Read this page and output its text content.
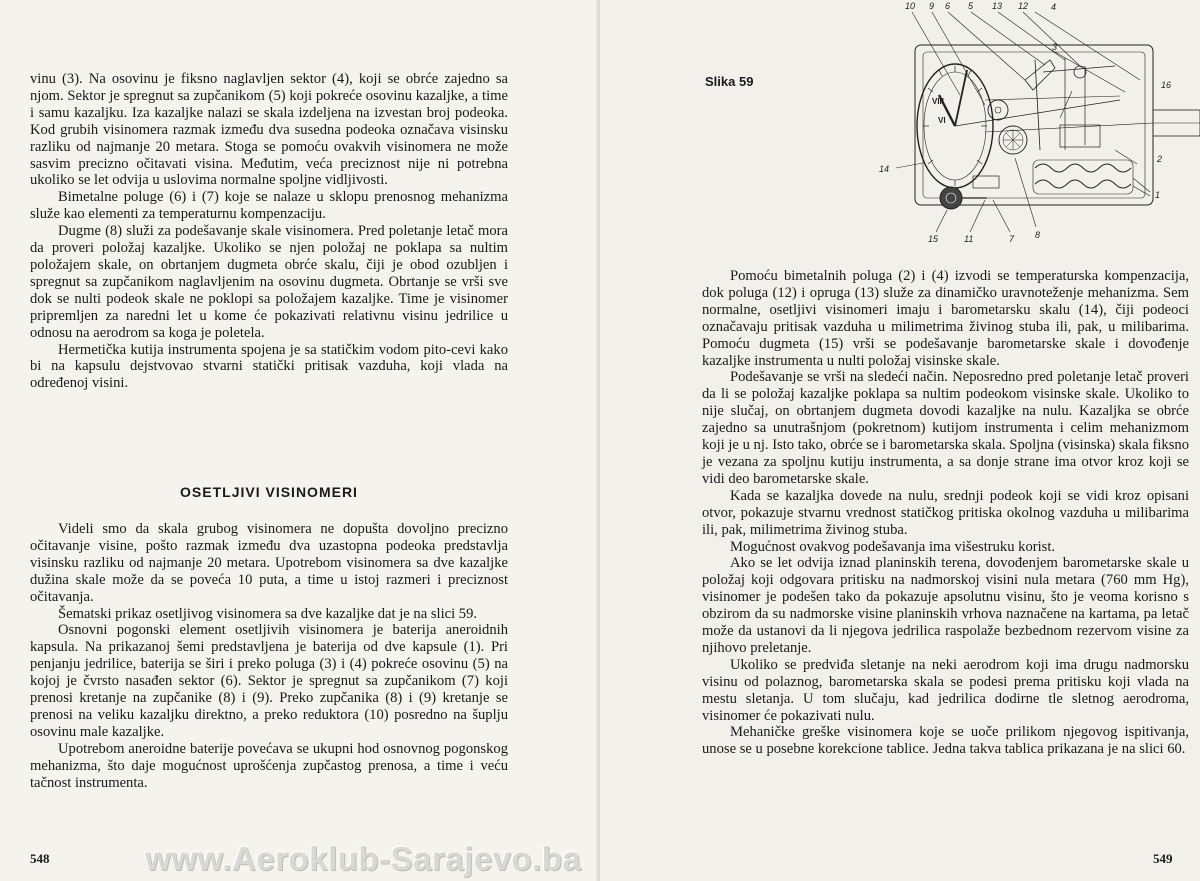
vinu (3). Na osovinu je fiksno naglavljen sektor (4), koji se obrće zajedno sa njom. Sektor je spregnut sa zupčanikom (5) koji pokreće osovinu kazaljke, a time i samu kazaljku. Iza kazaljke nalazi se skala izdeljena na izvestan broj podeoka. Kod grubih visinomera razmak između dva susedna podeoka označava visinsku razliku od najmanje 20 metara. Stoga se pomoću ovakvih visinomera ne može sasvim precizno očitavati visina. Međutim, veća preciznost nije ni potrebna ukoliko se let odvija u uslovima normalne spoljne vidljivosti.

Bimetalne poluge (6) i (7) koje se nalaze u sklopu prenosnog mehanizma služe kao elementi za temperaturnu kompenzaciju.

Dugme (8) služi za podešavanje skale visinomera. Pred poletanje letač mora da proveri položaj kazaljke. Ukoliko se njen položaj ne poklapa sa nultim položajem skale, on obrtanjem dugmeta obrće skalu, čiji je obod ozubljen i spregnut sa zupčanikom naglavljenim na osovinu dugmeta. Obrtanje se vrši sve dok se nulti podeok skale ne poklopi sa položajem kazaljke. Time je visinomer pripremljen za naredni let u kome će pokazivati relativnu visinu jedrilice u odnosu na aerodrom sa koga je poletela.

Hermetička kutija instrumenta spojena je sa statičkim vodom pito-cevi kako bi na kapsulu dejstvovao stvarni statički pritisak vazduha, koji vlada na određenoj visini.

OSETLJIVI VISINOMERI

Videli smo da skala grubog visinomera ne dopušta dovoljno precizno očitavanje visine, pošto razmak između dva uzastopna podeoka predstavlja visinsku razliku od najmanje 20 metara. Upotrebom visinomera sa dve kazaljke dužina skale može da se poveća 10 puta, a time u istoj razmeri i preciznost očitavanja.

Šematski prikaz osetljivog visinomera sa dve kazaljke dat je na slici 59.

Osnovni pogonski element osetljivih visinomera je baterija aneroidnih kapsula. Na prikazanoj šemi predstavljena je baterija od dve kapsule (1). Pri penjanju jedrilice, baterija se širi i preko poluga (3) i (4) pokreće osovinu (5) na kojoj je čvrsto nasađen sektor (6). Sektor je spregnut sa zupčanikom (7) koji prenosi kretanje na zupčanike (8) i (9). Preko zupčanika (8) i (9) kretanje se prenosi na veliku kazaljku direktno, a preko reduktora (10) posredno na šuplju osovinu male kazaljke.

Upotrebom aneroidne baterije povećava se ukupni hod osnovnog pogonskog mehanizma, što daje mogućnost uprošćenja zupčastog prenosa, a time i veću tačnost instrumenta.

548	www.Aeroklub-Sarajevo.ba
Slika 59
VIII
VI
10 9 6 5 13 12	4
3
16
2
1
14
15	11	7 8

Pomoću bimetalnih poluga (2) i (4) izvodi se temperaturska kompenzacija, dok poluga (12) i opruga (13) služe za dinamičko uravnoteženje mehanizma. Sem normalne, osetljivi visinomeri imaju i barometarsku skalu (14), čiji podeoci označavaju pritisak vazduha u milimetrima živinog stuba ili, pak, u milibarima. Pomoću dugmeta (15) vrši se podešavanje barometarske skale i dovođenje kazaljke instrumenta u nulti položaj visinske skale.

Podešavanje se vrši na sledeći način. Neposredno pred poletanje letač proveri da li se položaj kazaljke poklapa sa nultim podeokom visinske skale. Ukoliko to nije slučaj, on obrtanjem dugmeta dovodi kazaljke na nulu. Kazaljka se obrće zajedno sa unutrašnjom (pokretnom) kutijom instrumenta i celim mehanizmom koji je u nj. Isto tako, obrće se i barometarska skala. Spoljna (visinska) skala fiksno je vezana za spoljnu kutiju instrumenta, a sa donje strane ima otvor kroz koji se vidi deo barometarske skale.

Kada se kazaljka dovede na nulu, srednji podeok koji se vidi kroz opisani otvor, pokazuje stvarnu vrednost statičkog pritiska okolnog vazduha u milibarima ili, pak, milimetrima živinog stuba.

Mogućnost ovakvog podešavanja ima višestruku korist.

Ako se let odvija iznad planinskih terena, dovođenjem barometarske skale u položaj koji odgovara pritisku na nadmorskoj visini nula metara (760 mm Hg), visinomer je podešen tako da pokazuje apsolutnu visinu, što je veoma korisno s obzirom da su nadmorske visine planinskih vrhova naznačene na kartama, pa letač može da ustanovi da li njegova jedrilica raspolaže bezbednom rezervom visine za njihovo preletanje.

Ukoliko se predviđa sletanje na neki aerodrom koji ima drugu nadmorsku visinu od polaznog, barometarska skala se podesi prema pritisku koji vlada na mestu sletanja. U tom slučaju, kad jedrilica dodirne tle sletnog aerodroma, visinomer će pokazivati nulu.

Mehaničke greške visinomera koje se uoče prilikom njegovog ispitivanja, unose se u posebne korekcione tablice. Jedna takva tablica prikazana je na slici 60.

549
